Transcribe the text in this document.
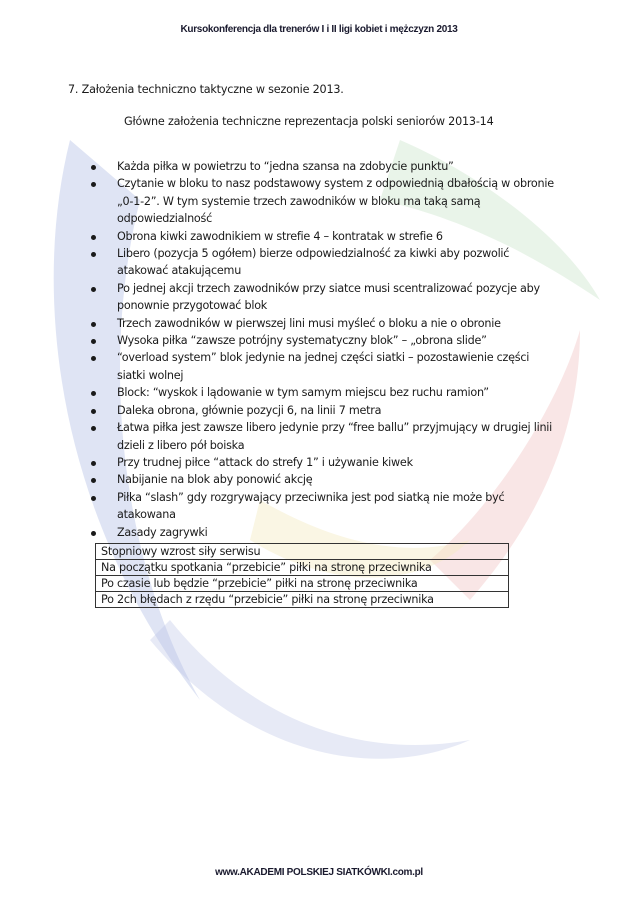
Kursokonferencja dla trenerów I i II ligi kobiet i mężczyzn 2013
7. Założenia techniczno taktyczne w sezonie 2013.
Główne założenia techniczne reprezentacja polski seniorów 2013-14
Każda piłka w powietrzu to “jedna szansa na zdobycie punktu”
Czytanie w bloku to nasz podstawowy system z odpowiednią dbałością w obronie „0-1-2”. W tym systemie trzech zawodników w bloku ma taką samą odpowiedzialność
Obrona kiwki zawodnikiem w strefie 4 – kontratak w strefie 6
Libero (pozycja 5 ogółem) bierze odpowiedzialność za kiwki aby pozwolić atakować atakującemu
Po jednej akcji trzech zawodników przy siatce musi scentralizować pozycje aby ponownie przygotować blok
Trzech zawodników w pierwszej lini musi myśleć o bloku a nie o obronie
Wysoka piłka “zawsze potrójny systematyczny blok” – „obrona slide”
“overload system” blok jedynie na jednej części siatki – pozostawienie części siatki wolnej
Block: “wyskok i lądowanie w tym samym miejscu bez ruchu ramion”
Daleka obrona, głównie pozycji 6, na linii 7 metra
Łatwa piłka jest zawsze libero jedynie przy “free ballu” przyjmujący w drugiej linii dzieli z libero pół boiska
Przy trudnej piłce “attack do strefy 1” i używanie kiwek
Nabijanie na blok aby ponowić akcję
Piłka “slash” gdy rozgrywający przeciwnika jest pod siatką nie może być atakowana
Zasady zagrywki
Stopniowy wzrost siły serwisu
Na początku spotkania “przebicie” piłki na stronę przeciwnika
Po czasie lub będzie “przebicie” piłki na stronę przeciwnika
Po 2ch błędach z rzędu “przebicie” piłki na stronę przeciwnika
www.AKADEMI POLSKIEJ SIATKÓWKI.com.pl
